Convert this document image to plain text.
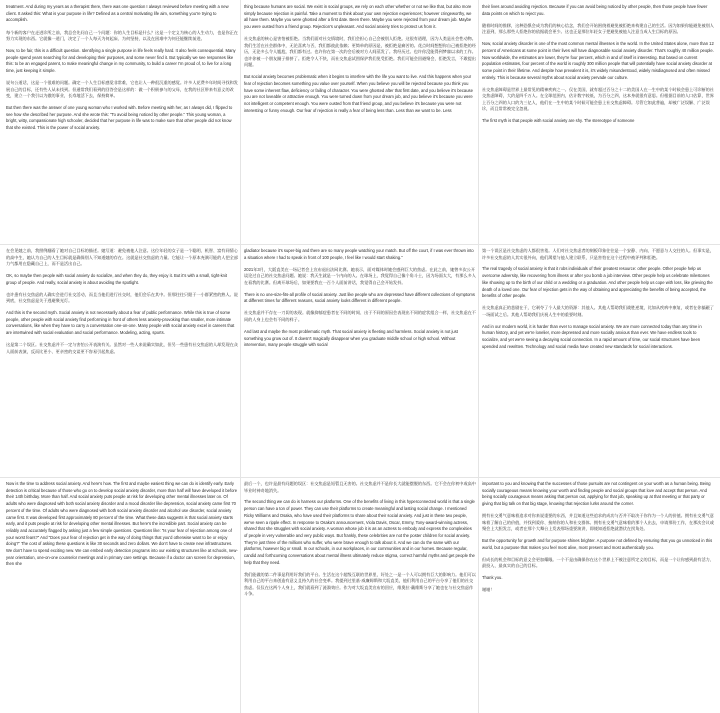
treatment. And during my years as a therapist there, there was one question I always reviewed before meeting with a new client. It asked this: What is your purpose in life? Defined as a central motivating life aim, something you're trying to accomplish.

每个新的客户在走进诊所之前，我总会先问自己一个问题：你的人生目标是什么？这是一个定义为核心的人生动力，也是你正在努力实现的东西。它就像一道门，决定了一个人每天为何起床、为何坚持，以及在困难中为何还能继续前进。

Now, to be fair, this is a difficult question. Identifying a single purpose in life feels really hard. It also feels consequential. Many people spend years searching for and developing their purposes, and some never find it. But typically we see responses like this: to be an engaged parent, to make meaningful change in my community, to build a career I'm proud of, to live for a long time, just keeping it simple.

说句公道话，这是一个很难的问题。确定一个人生目标感觉非常难，它也让人一种很沉重的感觉。许多人花费多年时间寻找和发展自己的目标，还有些人从未找到。但通常我们看到的回答会是这样的：做一个积极参与的父母，在我的社区带来有意义的改变，建立一个我引以为傲的事业，长寿地活下去，保持简单。

But then there was the answer of one young woman who I worked with. Before meeting with her, as I always did, I flipped to see how she described her purpose. And she wrote this: "To avoid being noticed by other people." This young woman, a bright, witty, compassionate high schooler, decided that her purpose in life was to make sure that other people did not know that she existed. This is the power of social anxiety.

在会见她之前，我照例翻看了她对自己目标的描述。她写道：避免被他人注意。这位年轻的女子是一个聪明、机智、富有同情心的高中生，她认为自己的人生目标就是确保别人不知道她的存在。这就是社交焦虑的力量。它能让一个原本充满可能的人把全部力气都用在隐藏自己上，而不是活出自己。

OK, so maybe then people with social anxiety do socialize, and when they do, they enjoy it. But it's with a small, tight-knit group of people. And really, social anxiety is about avoiding the spotlight.

也许患有社交焦虑的人确实会进行社交活动，而且当他们进行社交时，他们会乐在其中。但那往往只限于一小群紧密的熟人。说到底，社交焦虑是关于逃避聚光灯。

And this is the second myth. Social anxiety is not necessarily about a fear of public performance. While this is true of some people, other people with social anxiety find performing in front of others less anxiety-provoking than smaller, more intimate conversations, like when they have to carry a conversation one-on-one. Many people with social anxiety excel in careers that are intertwined with social evaluation and social performance. Modeling, acting, sports.

这是第二个误区。社交焦虑并不一定与害怕公开表演有关。虽然对一些人来说确实如此，但另一些患有社交焦虑的人却发现在众人面前表演，反而比更小、更亲密的交谈更不容易引起焦虑。

Now is the time to address social anxiety. And here's how. The first and maybe easiest thing we can do is identify early. Early detection is critical because of those who go on to develop social anxiety disorder, more than half will have developed it before their 14th birthday. More than half. And social anxiety puts people at risk for developing other mental illnesses later on. Of adults who were diagnosed with both social anxiety disorder and a mood disorder like depression, social anxiety came first 70 percent of the time. Of adults who were diagnosed with both social anxiety disorder and alcohol use disorder, social anxiety came first. It was developed first approximately 80 percent of the time. What these data suggests is that social anxiety starts early, and it puts people at risk for developing other mental illnesses. But here's the incredible part. Social anxiety can be reliably and accurately flagged by asking just a few simple questions. Questions like: "Is your fear of rejection among one of your worst fears?" And "Does your fear of rejection get in the way of doing things that you'd otherwise want to be or enjoy doing?" The cost of asking these questions is like 30 seconds and zero dollars. We don't have to create new infrastructures. We don't have to spend exciting new. We can embed early detection programs into our existing structures like at schools, new-year orientation, one-on-one counselor meetings and in primary care settings. Because if a doctor can screen for depression, then she

thing because humans are social. We exist in social groups, we rely on each other whether or not we like that, but also more simply because rejection is painful. Take a moment to think about your own rejection experiences; however cringeworthy, we all have them. Maybe you were ghosted after a first date. Been there. Maybe you were rejected from your dream job. Maybe you were ousted from a friend group. Rejection's unpleasant. And social anxiety tries to protect us from it.

社交焦虑的核心是害怕被拒绝。当我们面对社交情境时，我们会担心自己会被别人拒绝。这很有道理，因为人类是社会性动物。我们生活在社会群体中，无论喜欢与否，我们都彼此依赖；更简单的原因是，被拒绝是痛苦的。花点时间想想你自己被拒绝的经历，无论多么令人尴尬，我们都有过。也许你在第一次约会后被对方人间蒸发了。我经历过。也许你没能得到梦寐以求的工作。也许你被一个朋友圈子排挤了。拒绝令人不快，而社交焦虑试图保护我们免受拒绝。我们可能会回避聚会，拒绝发言，不敢提出问题。

But social anxiety becomes problematic when it begins to interfere with the life you want to live. And this happens when your fear of rejection becomes something you value over yourself. When you believe you will be rejected because you think you have some inherent flaw, deficiency or failing of character. You were ghosted after that first date, and you believe it's because you are not loveable or attractive enough. You were turned down from your dream job, and you believe it's because you were not intelligent or competent enough. You were ousted from that friend group, and you believe it's because you were not interesting or funny enough. Our fear of rejection is really a fear of being less than. Less than we want to be. Less

gladiator because it's super-big and there are so many people watching your match. But off the court, if I was ever thrown into a situation where I had to speak in front of 100 people, I feel like I would start shaking."

2021年3月，大阪直美在一场记者会上宣布退出法网比赛。她表示，面对媒体时她会感到巨大的焦虑。在此之前，她曾多次公开谈论过自己的社交焦虑问题。她说：我天生就是一个内向的人。在球场上，我觉得自己像个角斗士，因为场面太大，有那么多人在看我的比赛。但离开球场后，如果要我在一百个人面前讲话，我觉得自己会开始发抖。

There is no one-size-fits-all profile of social anxiety. Just like people who are depressed have different collections of symptoms at different times for different reasons, social anxiety looks different in different people.

社交焦虑并不存在一刀切的表现。就像抑郁症患者在不同的时间、出于不同的原因会表现出不同的症状组合一样，社交焦虑在不同的人身上也会有不同的样子。

And last and maybe the most problematic myth. That social anxiety is fleeting and harmless. Social anxiety is not just something you grow out of. It doesn't magically disappear when you graduate middle school or high school. Without intervention, many people struggle with social

最后一个，也许是最有问题的误区：社交焦虑是短暂且无害的。社交焦虑并不是你长大就能摆脱的东西。它不会在你初中或高中毕业时神奇地消失。

The second thing we can do is harness our platforms. One of the benefits of living in this hyperconnected world is that a single person can have a ton of power. They can use their platforms to create meaningful and lasting social change. I mentioned Ricky Williams and Osaka, who have used their platforms to share about their social anxiety. And just in these two people, we've seen a ripple effect. In response to Osaka's announcement, Viola Davis, Oscar, Emmy, Tony-award-winning actress, shared that she struggles with social anxiety. A woman whose job it is as an actress to embody and express the complexities of people in very vulnerable and very public ways. But frankly, these celebrities are not the poster children for social anxiety. They're just three of the millions who suffer, who were brave enough to talk about it. And we can do the same with our platforms, however big or small. In our schools, in our workplaces, in our communities and in our homes. Because regular, candid and forthcoming conversations about mental illness ultimately reduce stigma, correct harmful myths and get people the help that they need.

我们能做的第二件事是利用好我们的平台。生活在这个超级互联的世界里，好处之一是一个人可以拥有巨大的影响力。他们可以利用自己的平台来创造有意义且持久的社会变革。我提到过里基·威廉姆斯和大坂直美，他们利用自己的平台分享了他们的社交焦虑。仅仅在这两个人身上，我们就看到了涟漪效应。作为对大坂直美宣布的回应，维奥拉·戴维斯分享了她也在与社交焦虑作斗争。

their lives around avoiding rejection. Because if you can avoid being noticed by other people, then those people have fewer data points on which to reject you.

随着时间的推移，这种恐惧会成为我们的核心信念，我们会开始围绕着避免被拒绝来构建自己的生活。因为如果你能避免被别人注意到，那么那些人拒绝你的依据就会更少。这也正是那位年轻女子把避免被他人注意当成人生目标的原因。

Now, social anxiety disorder is one of the most common mental illnesses in the world. In the United States alone, more than 12 percent of Americans at some point in their lives will have diagnosable social anxiety disorder. That's roughly 40 million people. Now worldwide, the estimates are lower, they're four percent, which in and of itself is interesting. But based on current population estimates, four percent of the world is roughly 300 million people that will potentially have social anxiety disorder at some point in their lifetime. And despite how prevalent it is, it's widely misunderstood, widely misdiagnosed and often missed entirely. This is because several myths about social anxiety pervade our culture.

社交焦虑障碍是世界上最常见的精神疾病之一。仅在美国，就有超过百分之十二的美国人在一生中的某个时候会患上可诊断的社交焦虑障碍，大约是四千万人。在全球范围内，估计数字较低，为百分之四，这本身就很有意思。但根据目前的人口估算，世界上百分之四的人口约为三亿人，他们在一生中的某个时候可能会患上社交焦虑障碍。尽管它如此普遍，却被广泛误解、广泛误诊，而且常常被完全忽视。

The first myth is that people with social anxiety are shy. The stereotype of someone

第一个误区是社交焦虑的人都很害羞。人们对社交焦虑者的刻板印象往往是一个安静、内向、不愿意与人交往的人。但事实是，许多社交焦虑的人其实很外向，他们渴望与他人建立联系，只是害怕在这个过程中被评判和拒绝。

The real tragedy of social anxiety is that it robs individuals of their greatest resource: other people. Other people help us overcome adversity, like recovering from illness or after you bomb a job interview. Other people help us celebrate milestones like showing up to the birth of our child or a wedding or a graduation. And other people help us cope with loss, like grieving the death of a loved one. Our fear of rejection gets in the way of obtaining and appreciating the benefits of being accepted, the benefits of other people.

社交焦虑真正的悲剧在于，它剥夺了个人最大的资源：其他人。其他人帮助我们战胜逆境，比如从疾病中康复，或者在你搞砸了一场面试之后。其他人帮助我们庆祝人生中的重要时刻。

And in our modern world, it is harder than ever to manage social anxiety. We are more connected today than any time in human history, and yet we're lonelier, more depressed and more socially anxious than ever. We have endless tools to socialize, and yet we're seeing a decaying social connection. In a rapid amount of time, our social structures have been upended and rewritten. Technology and social media have created new standards for social interactions.

important to you and knowing that the successes of those pursuits are not contingent on your worth as a human being. Being socially courageous means knowing your worth and finding people and social groups that love and accept that person. And being socially courageous means asking that person out, applying for that job, speaking up at that meeting or that party or giving that big talk on that big stage, knowing that rejection lurks around the corner.

拥有社交勇气意味着追求对你来说重要的东西，并且知道这些追求的成功与否并不取决于你作为一个人的价值。拥有社交勇气意味着了解自己的价值，并找到爱你、接纳你的人和社交群体。拥有社交勇气意味着约那个人出去，申请那份工作，在那次会议或聚会上大胆发言，或者在那个大舞台上发表那场重要演讲，即使知道拒绝就潜伏在拐角处。

But the opportunity for growth and for purpose shines brighter. A purpose not defined by ensuring that you go unnoticed in this world, but a purpose that makes you feel most alive, most present and most authentically you.

但成长的机会和目标的意义会更加耀眼。一个不是由确保你在这个世界上不被注意所定义的目标，而是一个让你感到最有活力、最投入、最真实的自己的目标。

Thank you.

谢谢！
